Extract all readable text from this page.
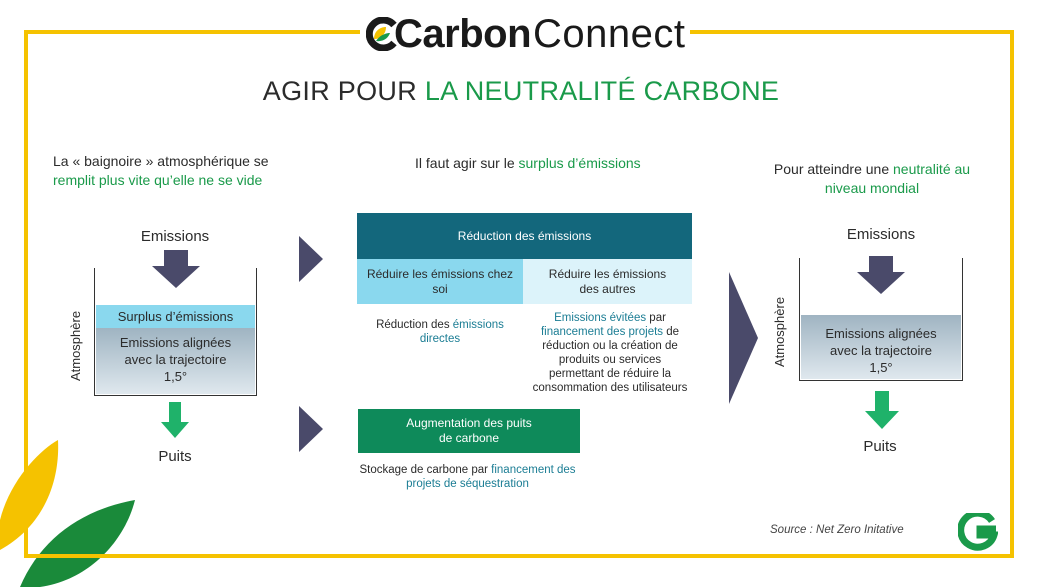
Carbon Connect
AGIR POUR LA NEUTRALITÉ CARBONE
La « baignoire » atmosphérique se
remplit plus vite qu’elle ne se vide
Emissions
Surplus d’émissions
Emissions alignées
avec la trajectoire
1,5°
Atmosphère
Puits
Il faut agir sur le surplus d’émissions
Réduction des émissions
Réduire les émissions chez
soi
Réduire les émissions
des autres
Réduction des émissions
directes
Emissions évitées par
financement des projets de
réduction ou la création de
produits ou services
permettant de réduire la
consommation des utilisateurs
Augmentation des puits
de carbone
Stockage de carbone par financement des
projets de séquestration
Pour atteindre une neutralité au
niveau mondial
Emissions
Emissions alignées
avec la trajectoire
1,5°
Atmosphère
Puits
Source : Net Zero Initative
